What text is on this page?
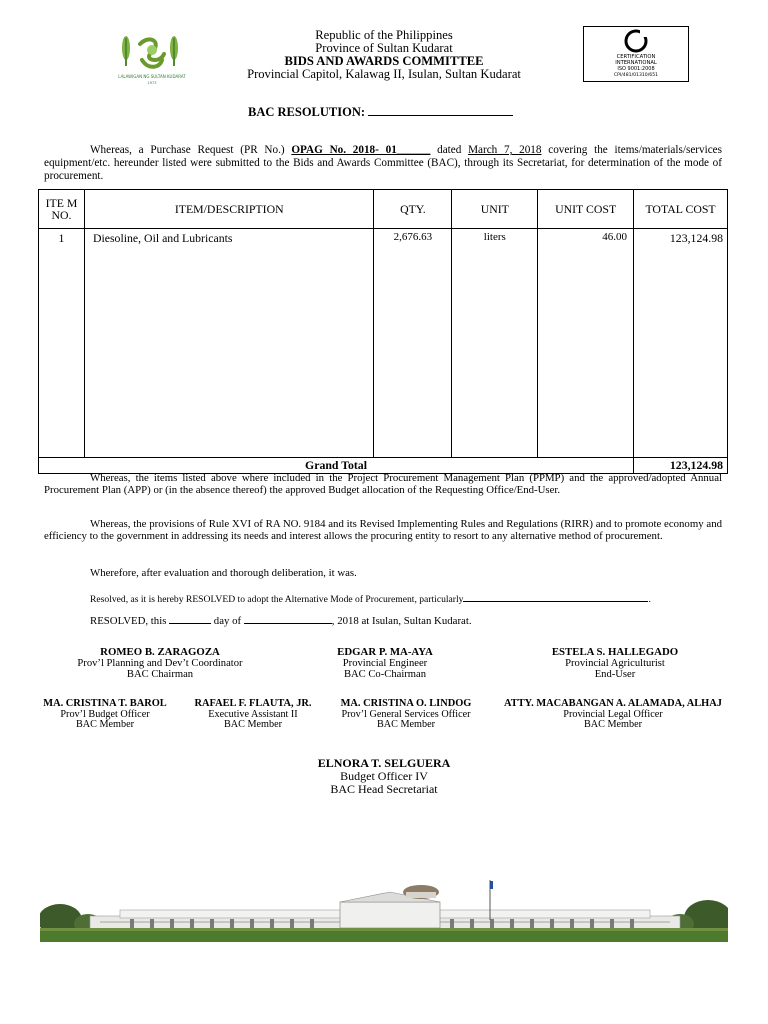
LALAWIGAN NG SULTAN KUDARAT
1973
Republic of the Philippines
Province of Sultan Kudarat
BIDS AND AWARDS COMMITTEE
Provincial Capitol, Kalawag II, Isulan, Sultan Kudarat
CERTIFICATION
INTERNATIONAL
ISO 9001:2008
CPI/481/01310/651
BAC RESOLUTION:
Whereas, a Purchase Request (PR No.) OPAG No. 2018- 01______ dated March 7, 2018 covering the items/materials/services equipment/etc. hereunder listed were submitted to the Bids and Awards Committee (BAC), through its Secretariat, for determination of the mode of procurement.
ITE M NO.	ITEM/DESCRIPTION	QTY.	UNIT	UNIT COST	TOTAL COST
1	Diesoline, Oil and Lubricants	2,676.63	liters	46.00	123,124.98
Grand Total					123,124.98
Whereas, the items listed above where included in the Project Procurement Management Plan (PPMP) and the approved/adopted Annual Procurement Plan (APP) or (in the absence thereof) the approved Budget allocation of the Requesting Office/End-User.
Whereas, the provisions of Rule XVI of RA NO. 9184 and its Revised Implementing Rules and Regulations (RIRR) and to promote economy and efficiency to the government in addressing its needs and interest allows the procuring entity to resort to any alternative method of procurement.
Wherefore, after evaluation and thorough deliberation, it was.
Resolved, as it is hereby RESOLVED to adopt the Alternative Mode of Procurement, particularly	.
RESOLVED, this	day of	, 2018 at Isulan, Sultan Kudarat.
ROMEO B. ZARAGOZA
Prov’l Planning and Dev’t Coordinator
BAC Chairman
EDGAR P. MA-AYA
Provincial Engineer
BAC Co-Chairman
ESTELA S. HALLEGADO
Provincial Agriculturist
End-User
MA. CRISTINA T. BAROL
Prov’l Budget Officer
BAC Member
RAFAEL F. FLAUTA, JR.
Executive Assistant II
BAC Member
MA. CRISTINA O. LINDOG
Prov’l General Services Officer
BAC Member
ATTY. MACABANGAN A. ALAMADA, ALHAJ
Provincial Legal Officer
BAC Member
ELNORA T. SELGUERA
Budget Officer IV
BAC Head Secretariat
